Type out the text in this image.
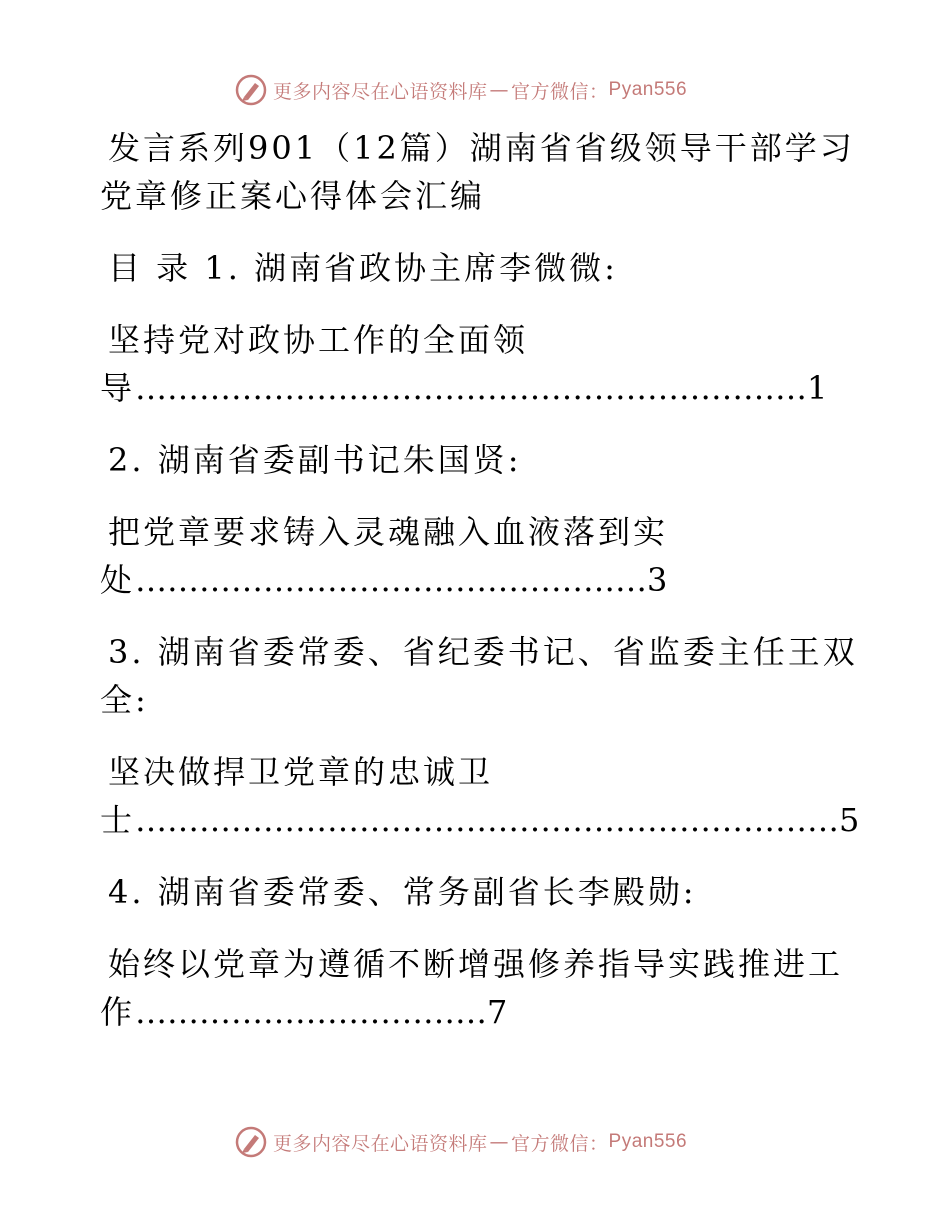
更多内容尽在心语资料库 — 官方微信： Pyan556
发言系列901（12篇）湖南省省级领导干部学习
党章修正案心得体会汇编
目 录 1. 湖南省政协主席李微微:
坚持党对政协工作的全面领
导………………………………………………………1
2. 湖南省委副书记朱国贤:
把党章要求铸入灵魂融入血液落到实
处…………………………………………3
3. 湖南省委常委、省纪委书记、省监委主任王双
全:
坚决做捍卫党章的忠诚卫
士…………………………………………………………5
4. 湖南省委常委、常务副省长李殿勋:
始终以党章为遵循不断增强修养指导实践推进工
作……………………………7
更多内容尽在心语资料库 — 官方微信： Pyan556
